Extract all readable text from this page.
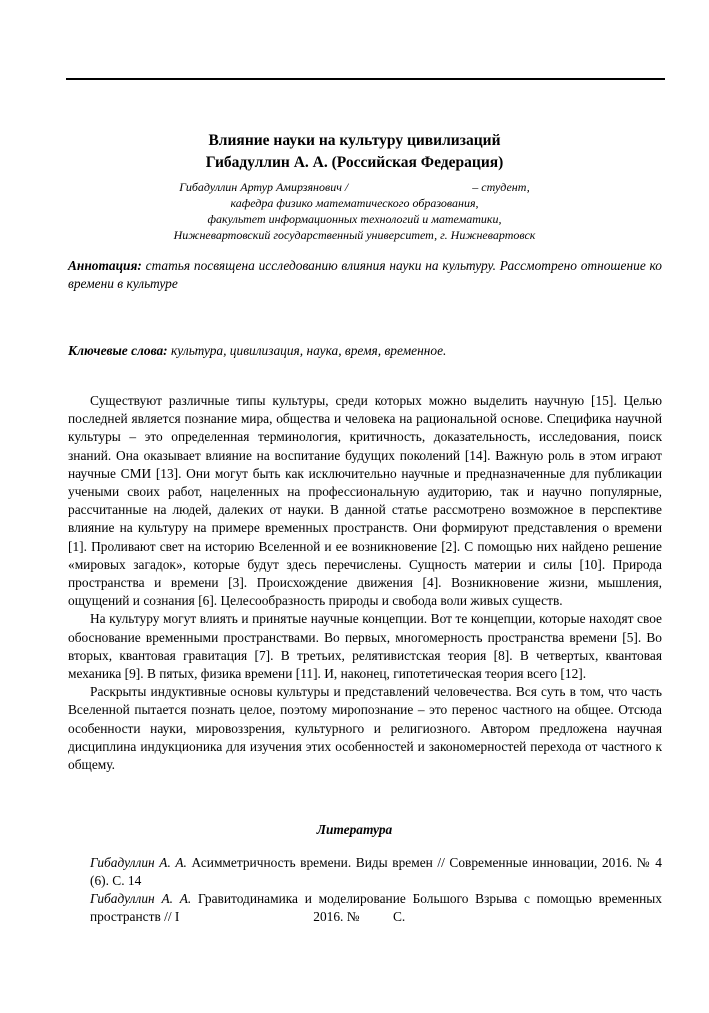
Влияние науки на культуру цивилизаций
Гибадуллин А. А. (Российская Федерация)
Гибадуллин Артур Амирзянович /	– студент,
кафедра физико математического образования,
факультет информационных технологий и математики,
Нижневартовский государственный университет, г. Нижневартовск

Аннотация: статья посвящена исследованию влияния науки на культуру. Рассмотрено отношение ко времени в культуре

Ключевые слова: культура, цивилизация, наука, время, временное.

Существуют различные типы культуры, среди которых можно выделить научную [15]. Целью последней является познание мира, общества и человека на рациональной основе. Специфика научной культуры – это определенная терминология, критичность, доказательность, исследования, поиск знаний. Она оказывает влияние на воспитание будущих поколений [14]. Важную роль в этом играют научные СМИ [13]. Они могут быть как исключительно научные и предназначенные для публикации учеными своих работ, нацеленных на профессиональную аудиторию, так и научно популярные, рассчитанные на людей, далеких от науки. В данной статье рассмотрено возможное в перспективе влияние на культуру на примере временных пространств. Они формируют представления о времени [1]. Проливают свет на историю Вселенной и ее возникновение [2]. С помощью них найдено решение «мировых загадок», которые будут здесь перечислены. Сущность материи и силы [10]. Природа пространства и времени [3]. Происхождение движения [4]. Возникновение жизни, мышления, ощущений и сознания [6]. Целесообразность природы и свобода воли живых существ.

На культуру могут влиять и принятые научные концепции. Вот те концепции, которые находят свое обоснование временными пространствами. Во первых, многомерность пространства времени [5]. Во вторых, квантовая гравитация [7]. В третьих, релятивистская теория [8]. В четвертых, квантовая механика [9]. В пятых, физика времени [11]. И, наконец, гипотетическая теория всего [12].

Раскрыты индуктивные основы культуры и представлений человечества. Вся суть в том, что часть Вселенной пытается познать целое, поэтому миропознание – это перенос частного на общее. Отсюда особенности науки, мировоззрения, культурного и религиозного. Автором предложена научная дисциплина индукционика для изучения этих особенностей и закономерностей перехода от частного к общему.

Литература

Гибадуллин А. А. Асимметричность времени. Виды времен // Современные инновации, 2016. № 4 (6). С. 14

Гибадуллин А. А. Гравитодинамика и моделирование Большого Взрыва с помощью временных пространств // I                                        2016. №          С.
